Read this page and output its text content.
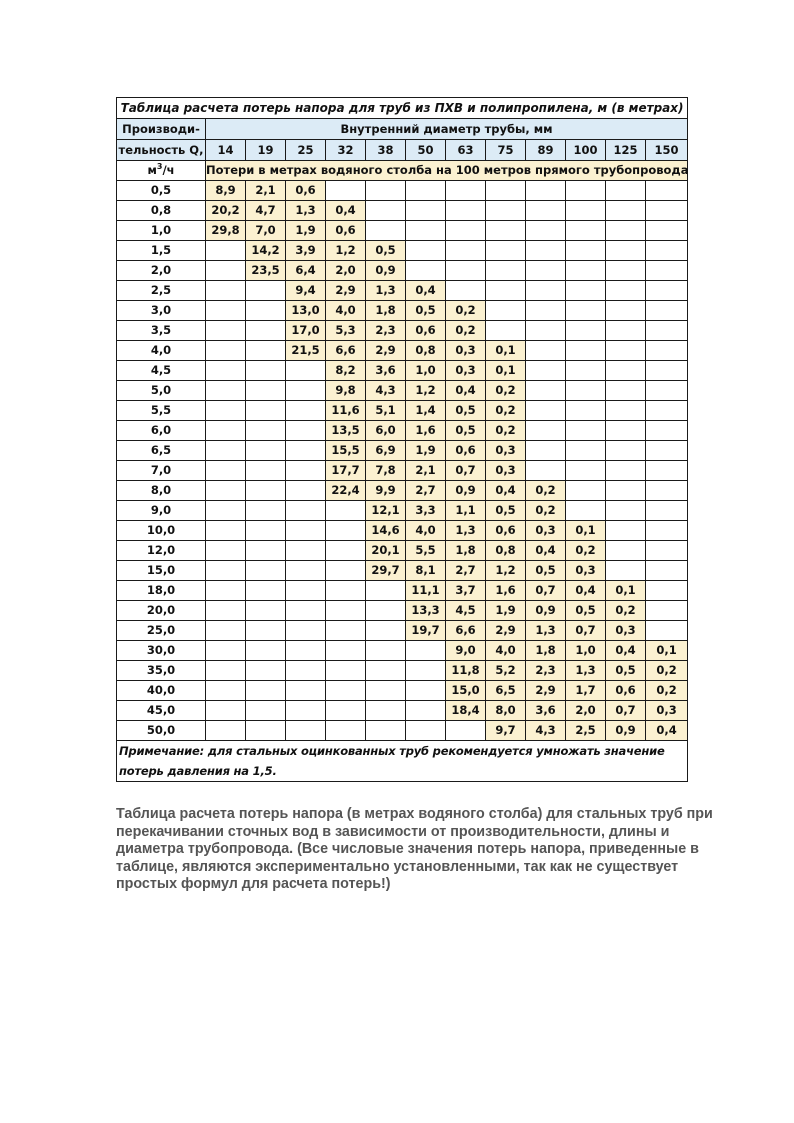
Таблица расчета потерь напора для труб из ПХВ и полипропилена, м (в метрах)												
Производи-	Внутренний диаметр трубы, мм											
тельность Q,	14	19	25	32	38	50	63	75	89	100	125	150
$м^3/ч$	Потери в метрах водяного столба на 100 метров прямого трубопровода											
0,5	8,9	2,1	0,6									
0,8	20,2	4,7	1,3	0,4								
1,0	29,8	7,0	1,9	0,6								
1,5		14,2	3,9	1,2	0,5							
2,0		23,5	6,4	2,0	0,9							
2,5			9,4	2,9	1,3	0,4						
3,0			13,0	4,0	1,8	0,5	0,2					
3,5			17,0	5,3	2,3	0,6	0,2					
4,0			21,5	6,6	2,9	0,8	0,3	0,1				
4,5				8,2	3,6	1,0	0,3	0,1				
5,0				9,8	4,3	1,2	0,4	0,2				
5,5				11,6	5,1	1,4	0,5	0,2				
6,0				13,5	6,0	1,6	0,5	0,2				
6,5				15,5	6,9	1,9	0,6	0,3				
7,0				17,7	7,8	2,1	0,7	0,3				
8,0				22,4	9,9	2,7	0,9	0,4	0,2			
9,0					12,1	3,3	1,1	0,5	0,2			
10,0					14,6	4,0	1,3	0,6	0,3	0,1		
12,0					20,1	5,5	1,8	0,8	0,4	0,2		
15,0					29,7	8,1	2,7	1,2	0,5	0,3		
18,0						11,1	3,7	1,6	0,7	0,4	0,1	
20,0						13,3	4,5	1,9	0,9	0,5	0,2	
25,0						19,7	6,6	2,9	1,3	0,7	0,3	
30,0							9,0	4,0	1,8	1,0	0,4	0,1
35,0							11,8	5,2	2,3	1,3	0,5	0,2
40,0							15,0	6,5	2,9	1,7	0,6	0,2
45,0							18,4	8,0	3,6	2,0	0,7	0,3
50,0								9,7	4,3	2,5	0,9	0,4
Примечание: для стальных оцинкованных труб рекомендуется умножать значение потерь давления на 1,5.												
Таблица расчета потерь напора (в метрах водяного столба) для стальных труб при перекачивании сточных вод в зависимости от производительности, длины и диаметра трубопровода. (Все числовые значения потерь напора, приведенные в таблице, являются экспериментально установленными, так как не существует простых формул для расчета потерь!)
